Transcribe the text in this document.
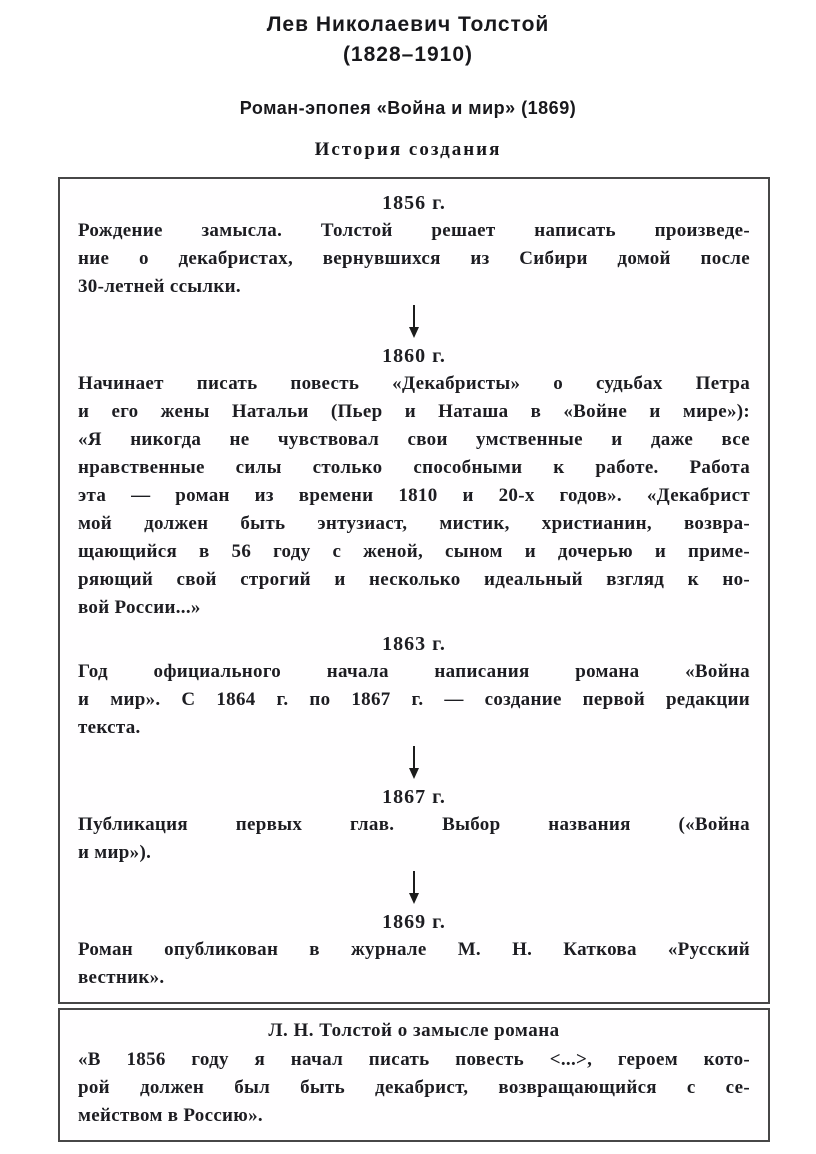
Лев Николаевич Толстой
(1828–1910)
Роман-эпопея «Война и мир» (1869)
История создания
1856 г.
Рождение замысла. Толстой решает написать произведе-
ние о декабристах, вернувшихся из Сибири домой после
30-летней ссылки.
1860 г.
Начинает писать повесть «Декабристы» о судьбах Петра
и его жены Натальи (Пьер и Наташа в «Войне и мире»):
«Я никогда не чувствовал свои умственные и даже все
нравственные силы столько способными к работе. Работа
эта — роман из времени 1810 и 20-х годов». «Декабрист
мой должен быть энтузиаст, мистик, христианин, возвра-
щающийся в 56 году с женой, сыном и дочерью и приме-
ряющий свой строгий и несколько идеальный взгляд к но-
вой России...»
1863 г.
Год официального начала написания романа «Война
и мир». С 1864 г. по 1867 г. — создание первой редакции
текста.
1867 г.
Публикация первых глав. Выбор названия («Война
и мир»).
1869 г.
Роман опубликован в журнале М. Н. Каткова «Русский
вестник».
Л. Н. Толстой о замысле романа
«В 1856 году я начал писать повесть <...>, героем кото-
рой должен был быть декабрист, возвращающийся с се-
мейством в Россию».
